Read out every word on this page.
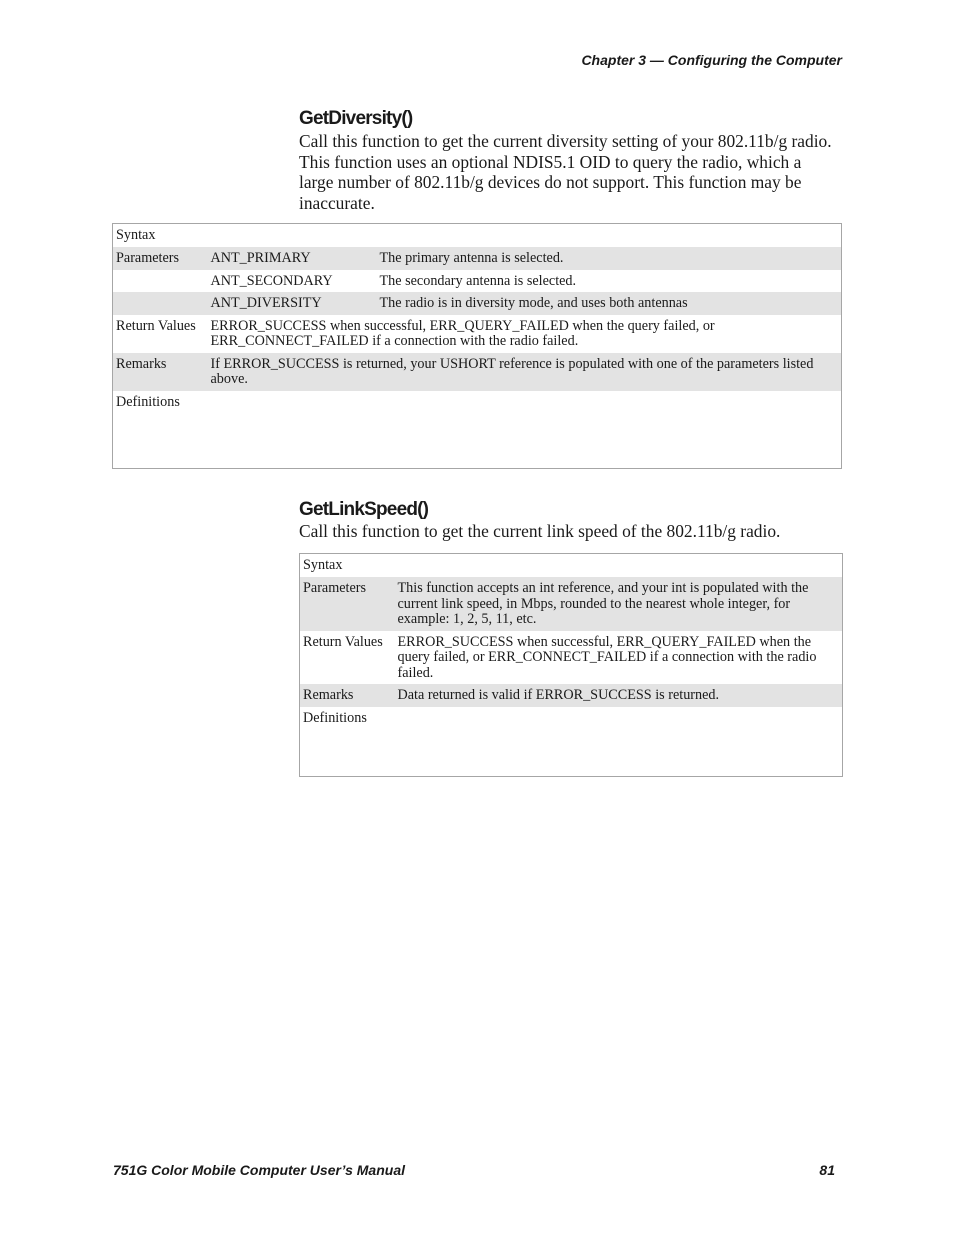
Chapter 3 — Configuring the Computer
GetDiversity()
Call this function to get the current diversity setting of your 802.11b/g radio. This function uses an optional NDIS5.1 OID to query the radio, which a large number of 802.11b/g devices do not support. This function may be inaccurate.
Syntax		
Parameters	ANT_PRIMARY	The primary antenna is selected.
	ANT_SECONDARY	The secondary antenna is selected.
	ANT_DIVERSITY	The radio is in diversity mode, and uses both antennas
Return Values	ERROR_SUCCESS when successful, ERR_QUERY_FAILED when the query failed, or ERR_CONNECT_FAILED if a connection with the radio failed.	
Remarks	If ERROR_SUCCESS is returned, your USHORT reference is populated with one of the parameters listed above.	
Definitions		
GetLinkSpeed()
Call this function to get the current link speed of the 802.11b/g radio.
Syntax	
Parameters	This function accepts an int reference, and your int is populated with the current link speed, in Mbps, rounded to the nearest whole integer, for example: 1, 2, 5, 11, etc.
Return Values	ERROR_SUCCESS when successful, ERR_QUERY_FAILED when the query failed, or ERR_CONNECT_FAILED if a connection with the radio failed.
Remarks	Data returned is valid if ERROR_SUCCESS is returned.
Definitions	
751G Color Mobile Computer User’s Manual	81
